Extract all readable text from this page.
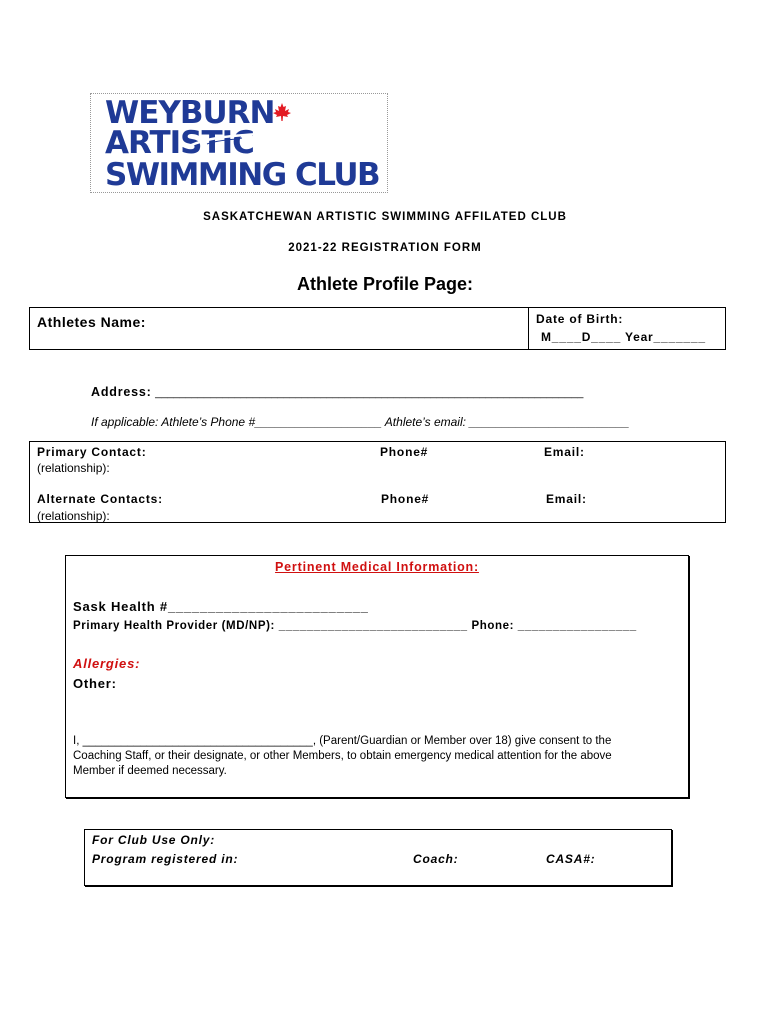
WEYBURN
ARTISTIC
SWIMMING CLUB
SASKATCHEWAN ARTISTIC SWIMMING AFFILATED CLUB
2021-22 REGISTRATION FORM
Athlete Profile Page:
Athletes Name:	Date of Birth:
M____D____ Year_______
Address: ______________________________________________________________________
If applicable: Athlete’s Phone #___________________ Athlete’s email: ________________________
Primary Contact:
(relationship):
Phone#	Email:
Alternate Contacts:
(relationship):
Phone#	Email:
Pertinent Medical Information:
Sask Health #_________________________
Primary Health Provider (MD/NP): ___________________________ Phone: _________________
Allergies:
Other:
I, ____________________________________, (Parent/Guardian or Member over 18) give consent to the
Coaching Staff, or their designate, or other Members, to obtain emergency medical attention for the above
Member if deemed necessary.
For Club Use Only:
Program registered in:	Coach:	CASA#:
